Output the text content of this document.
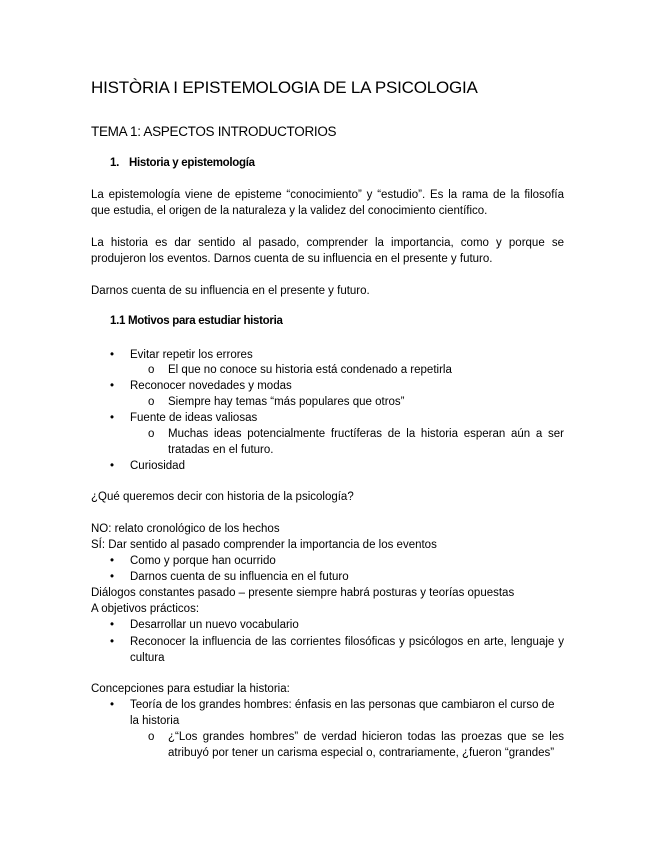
HISTÒRIA I EPISTEMOLOGIA DE LA PSICOLOGIA
TEMA 1: ASPECTOS INTRODUCTORIOS
1. Historia y epistemología
La epistemología viene de episteme “conocimiento” y “estudio”. Es la rama de la filosofía que estudia, el origen de la naturaleza y la validez del conocimiento científico.
La historia es dar sentido al pasado, comprender la importancia, como y porque se produjeron los eventos. Darnos cuenta de su influencia en el presente y futuro.
Darnos cuenta de su influencia en el presente y futuro.
1.1 Motivos para estudiar historia
•	Evitar repetir los errores
o	El que no conoce su historia está condenado a repetirla
•	Reconocer novedades y modas
o	Siempre hay temas “más populares que otros”
•	Fuente de ideas valiosas
o	Muchas ideas potencialmente fructíferas de la historia esperan aún a ser tratadas en el futuro.
•	Curiosidad
¿Qué queremos decir con historia de la psicología?
NO: relato cronológico de los hechos
SÍ: Dar sentido al pasado comprender la importancia de los eventos
•	Como y porque han ocurrido
•	Darnos cuenta de su influencia en el futuro
Diálogos constantes pasado – presente siempre habrá posturas y teorías opuestas
A objetivos prácticos:
•	Desarrollar un nuevo vocabulario
•	Reconocer la influencia de las corrientes filosóficas y psicólogos en arte, lenguaje y cultura
Concepciones para estudiar la historia:
•	Teoría de los grandes hombres: énfasis en las personas que cambiaron el curso de la historia
o	¿“Los grandes hombres” de verdad hicieron todas las proezas que se les atribuyó por tener un carisma especial o, contrariamente, ¿fueron “grandes”
